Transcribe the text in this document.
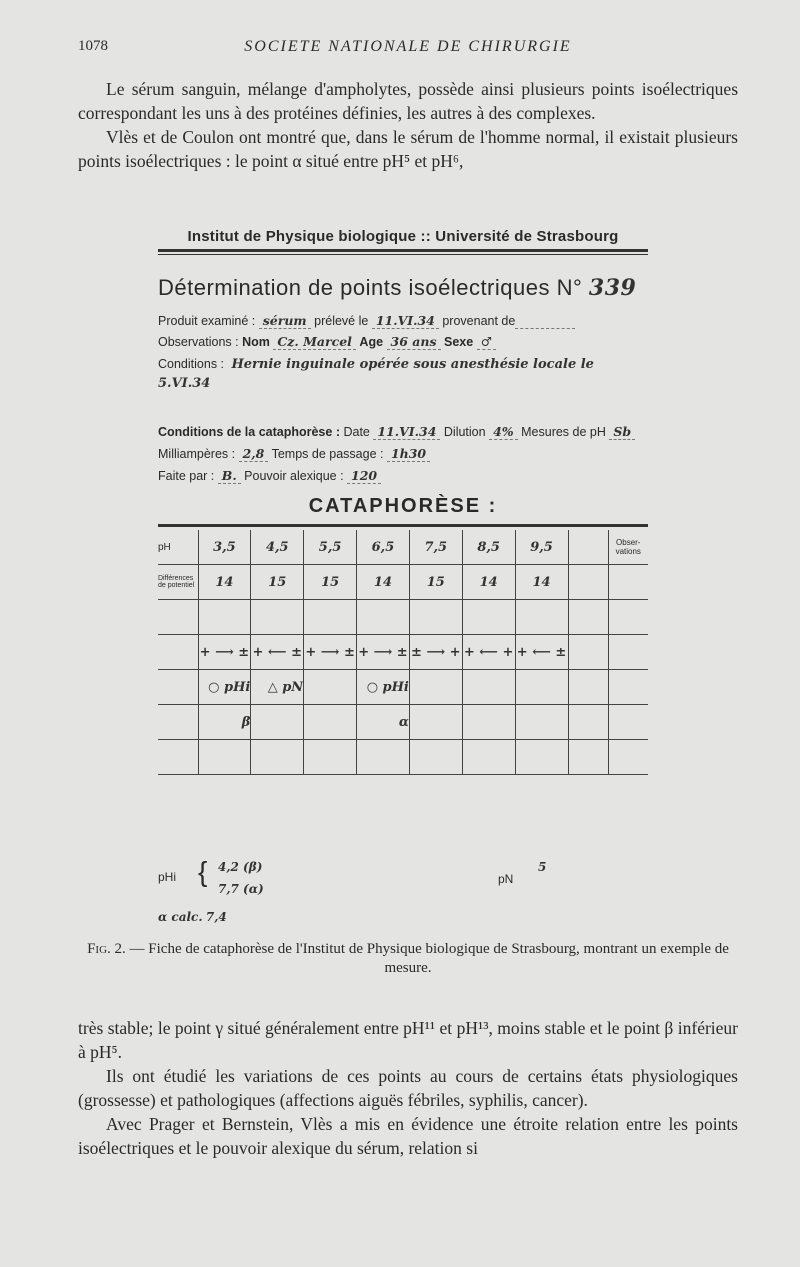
1078	SOCIETE NATIONALE DE CHIRURGIE

Le sérum sanguin, mélange d'ampholytes, possède ainsi plusieurs points isoélectriques correspondant les uns à des protéines définies, les autres à des complexes.

Vlès et de Coulon ont montré que, dans le sérum de l'homme normal, il existait plusieurs points isoélectriques : le point α situé entre pH⁵ et pH⁶,

Institut de Physique biologique :: Université de Strasbourg
Détermination de points isoélectriques N° 339
Produit examiné : sérum prélevé le 11.VI.34 provenant de
Observations : Nom Cz. Marcel Age 36 ans Sexe ♂
Conditions : Hernie inguinale opérée sous anesthésie locale le 5.VI.34
Conditions de la cataphorèse : Date 11.VI.34 Dilution 4% Mesures de pH Sb Milliampères : 2,8 Temps de passage : 1h30
Faite par : B. Pouvoir alexique : 120
CATAPHORÈSE :
pH	3,5	4,5	5,5	6,5	7,5	8,5	9,5		Obser-vations
Différences de potentiel	14	15	15	14	15	14	14		

	+ ⟶ ±	+ ⟵ ±	+ ⟶ ±	+ ⟶ ±	± ⟶ +	+ ⟵ +	+ ⟵ ±		
	○ pHi	△ pN		○ pHi					
	β			α					

pHi { 4,2 (β)
7,7 (α)
pN
5
α calc. 7,4
Fig. 2. — Fiche de cataphorèse de l'Institut de Physique biologique de Strasbourg, montrant un exemple de mesure.

très stable; le point γ situé généralement entre pH¹¹ et pH¹³, moins stable et le point β inférieur à pH⁵.

Ils ont étudié les variations de ces points au cours de certains états physiologiques (grossesse) et pathologiques (affections aiguës fébriles, syphilis, cancer).

Avec Prager et Bernstein, Vlès a mis en évidence une étroite relation entre les points isoélectriques et le pouvoir alexique du sérum, relation si
